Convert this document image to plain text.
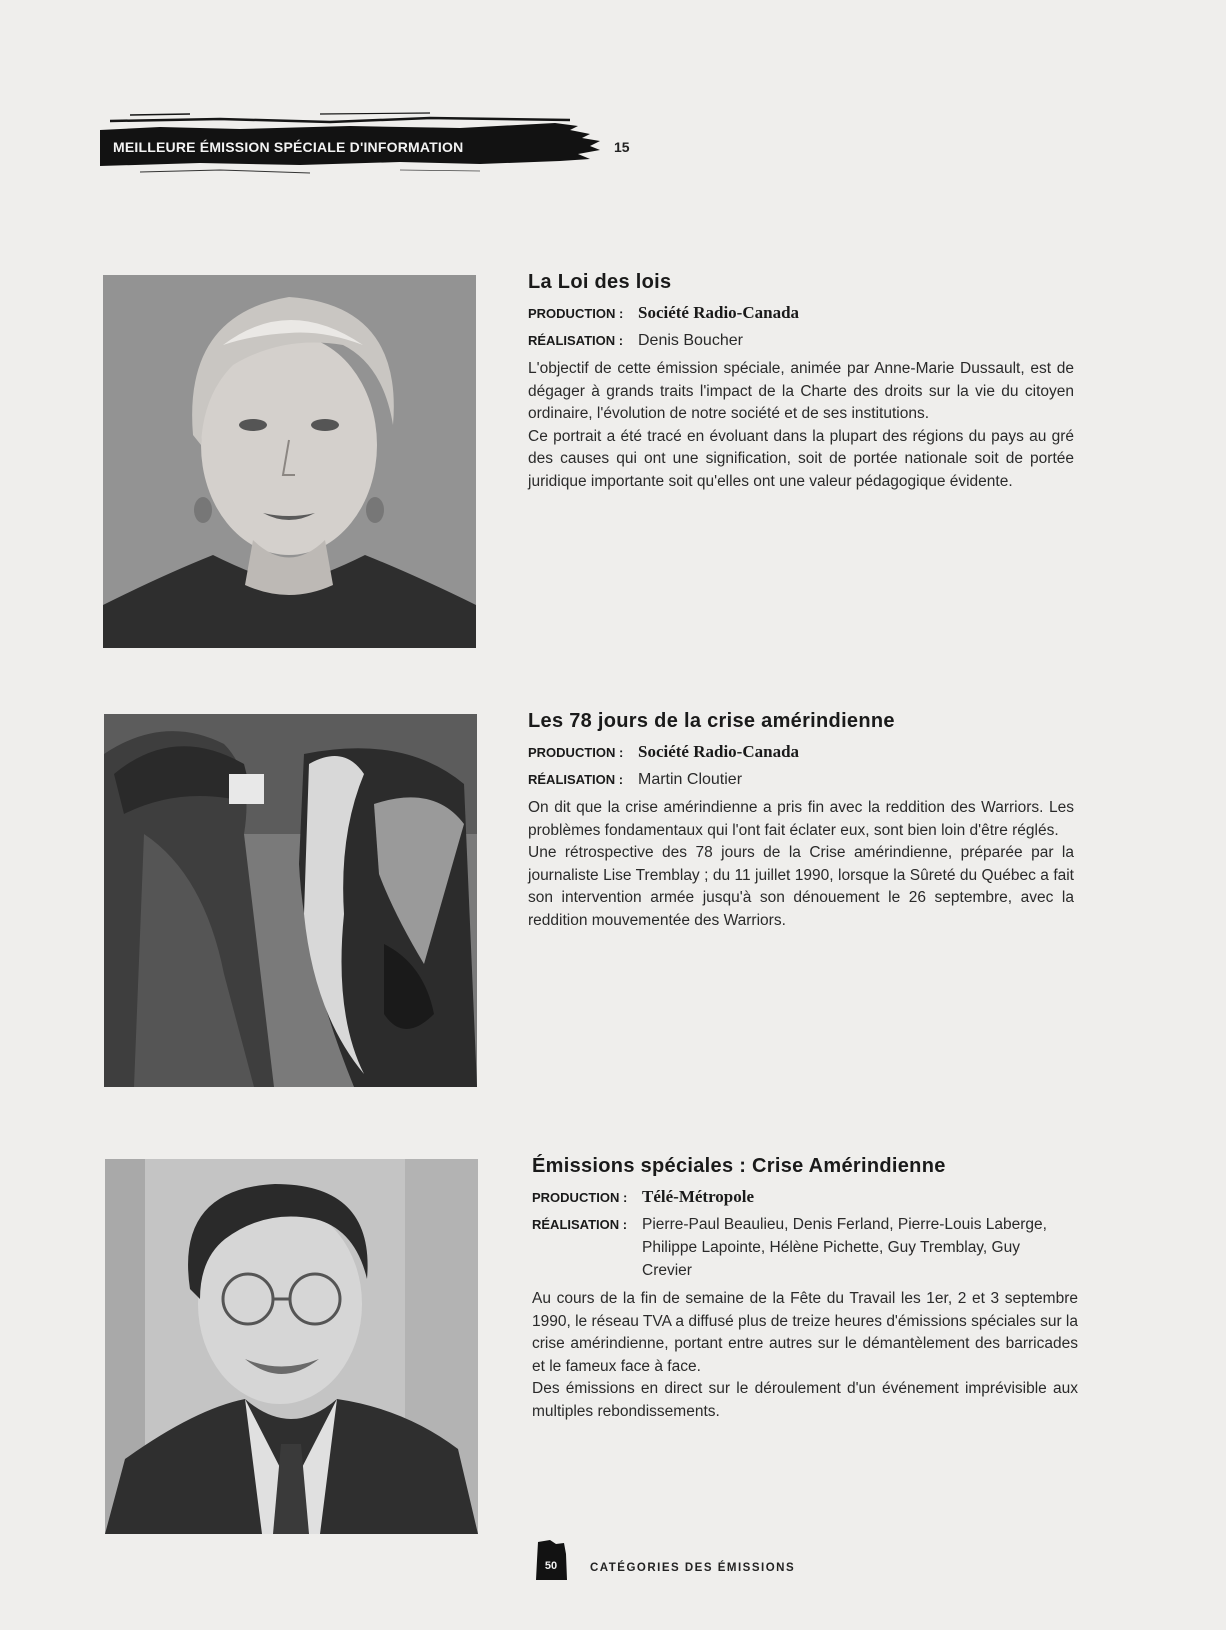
MEILLEURE ÉMISSION SPÉCIALE D'INFORMATION	15
La Loi des lois
PRODUCTION : Société Radio-Canada
RÉALISATION : Denis Boucher

L'objectif de cette émission spéciale, animée par Anne-Marie Dussault, est de dégager à grands traits l'impact de la Charte des droits sur la vie du citoyen ordinaire, l'évolution de notre société et de ses institutions.

Ce portrait a été tracé en évoluant dans la plupart des régions du pays au gré des causes qui ont une signification, soit de portée nationale soit de portée juridique importante soit qu'elles ont une valeur pédagogique évidente.

Les 78 jours de la crise amérindienne
PRODUCTION : Société Radio-Canada
RÉALISATION : Martin Cloutier

On dit que la crise amérindienne a pris fin avec la reddition des Warriors. Les problèmes fondamentaux qui l'ont fait éclater eux, sont bien loin d'être réglés.

Une rétrospective des 78 jours de la Crise amérindienne, préparée par la journaliste Lise Tremblay ; du 11 juillet 1990, lorsque la Sûreté du Québec a fait son intervention armée jusqu'à son dénouement le 26 septembre, avec la reddition mouvementée des Warriors.

Émissions spéciales : Crise Amérindienne
PRODUCTION : Télé-Métropole
RÉALISATION : Pierre-Paul Beaulieu, Denis Ferland, Pierre-Louis Laberge, Philippe Lapointe, Hélène Pichette, Guy Tremblay, Guy Crevier

Au cours de la fin de semaine de la Fête du Travail les 1er, 2 et 3 septembre 1990, le réseau TVA a diffusé plus de treize heures d'émissions spéciales sur la crise amérindienne, portant entre autres sur le démantèlement des barricades et le fameux face à face.

Des émissions en direct sur le déroulement d'un événement imprévisible aux multiples rebondissements.

50	CATÉGORIES DES ÉMISSIONS
